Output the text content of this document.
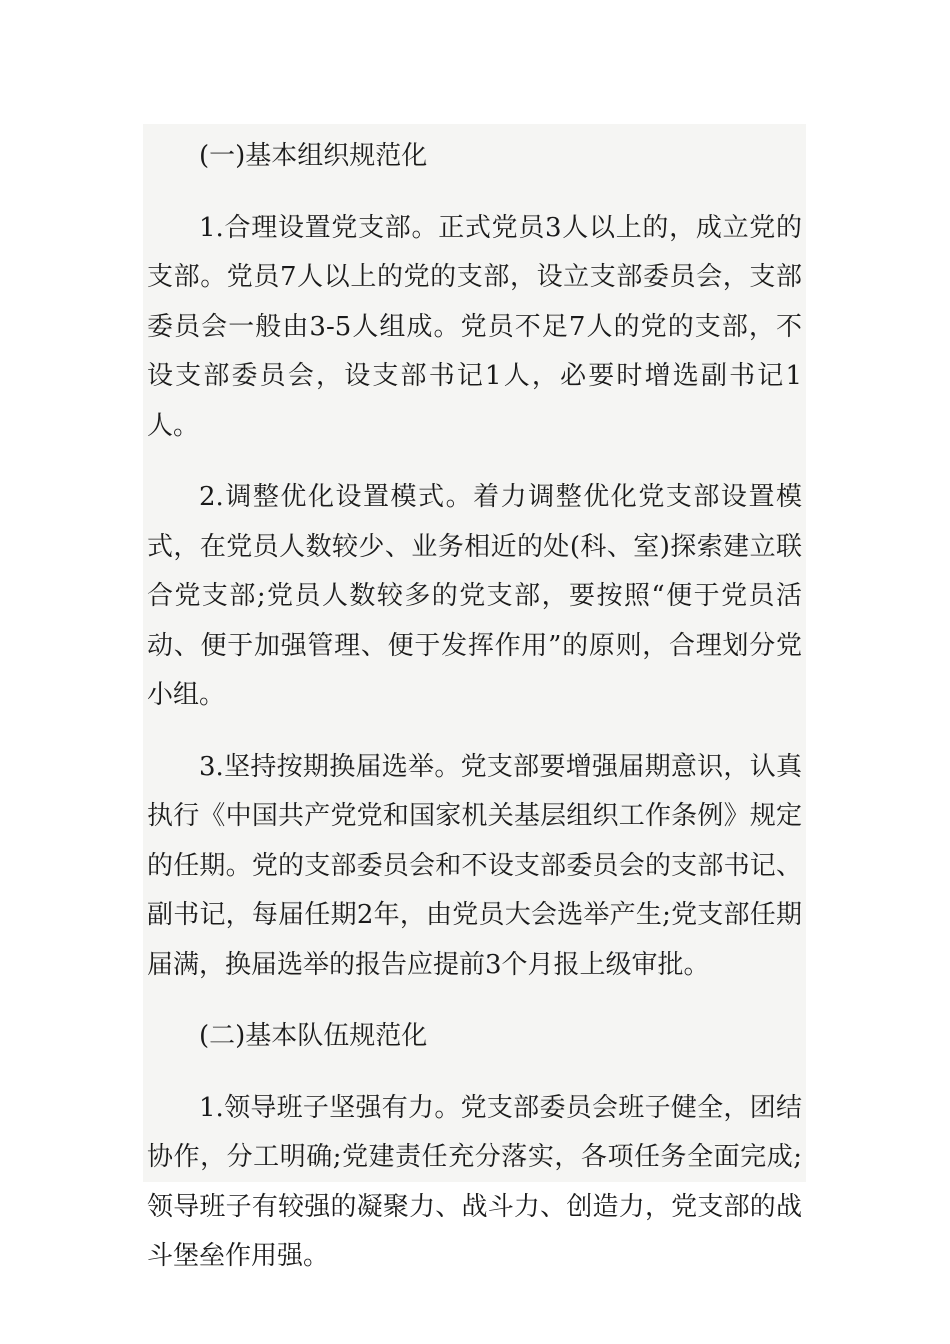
(一)基本组织规范化

1.合理设置党支部。正式党员3人以上的，成立党的支部。党员7人以上的党的支部，设立支部委员会，支部委员会一般由3-5人组成。党员不足7人的党的支部，不设支部委员会，设支部书记1人，必要时增选副书记1人。

2.调整优化设置模式。着力调整优化党支部设置模式，在党员人数较少、业务相近的处(科、室)探索建立联合党支部;党员人数较多的党支部，要按照“便于党员活动、便于加强管理、便于发挥作用”的原则，合理划分党小组。

3.坚持按期换届选举。党支部要增强届期意识，认真执行《中国共产党党和国家机关基层组织工作条例》规定的任期。党的支部委员会和不设支部委员会的支部书记、副书记，每届任期2年，由党员大会选举产生;党支部任期届满，换届选举的报告应提前3个月报上级审批。

(二)基本队伍规范化

1.领导班子坚强有力。党支部委员会班子健全，团结协作，分工明确;党建责任充分落实，各项任务全面完成;领导班子有较强的凝聚力、战斗力、创造力，党支部的战斗堡垒作用强。
